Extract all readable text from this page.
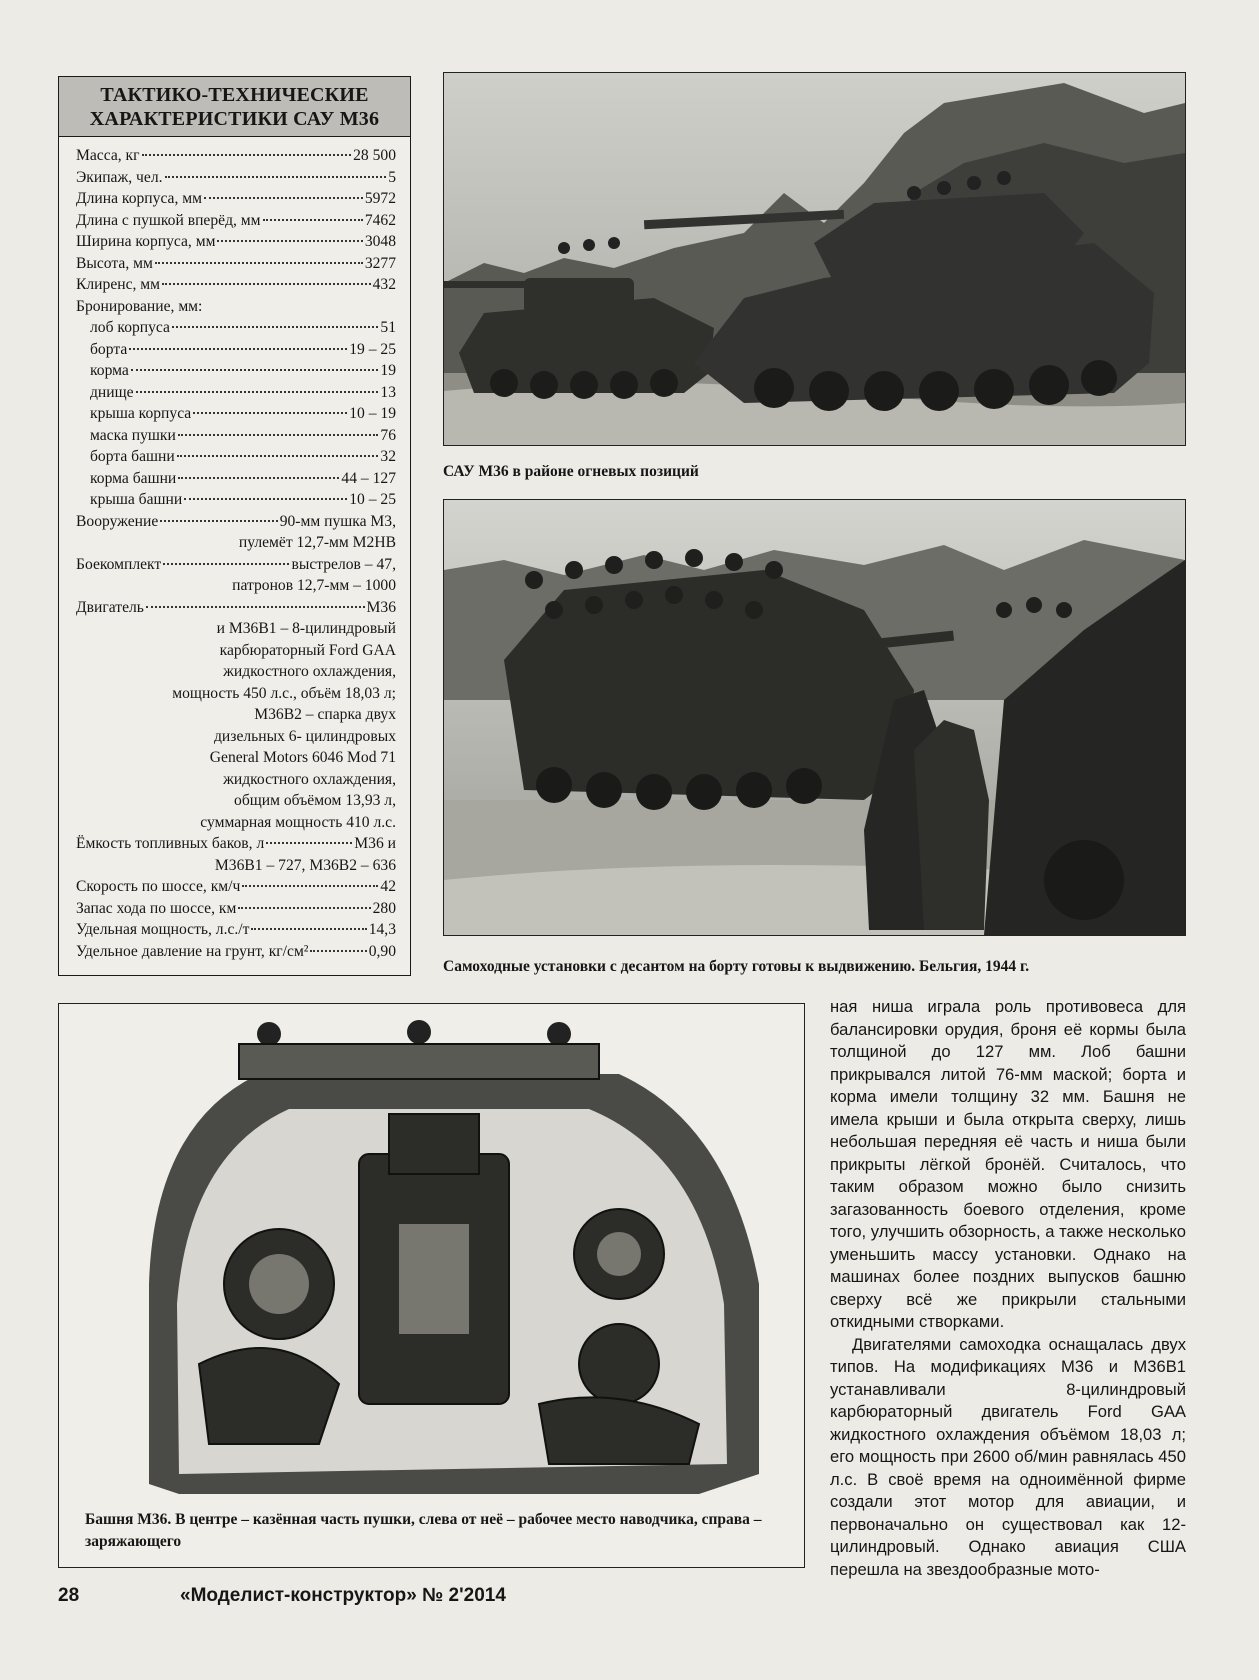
ТАКТИКО-ТЕХНИЧЕСКИЕ
ХАРАКТЕРИСТИКИ САУ М36
Масса, кг	28 500
Экипаж, чел.	5
Длина корпуса, мм	5972
Длина с пушкой вперёд, мм	7462
Ширина корпуса, мм	3048
Высота, мм	3277
Клиренс, мм	432
Бронирование, мм:
лоб корпуса	51
борта	19 – 25
корма	19
днище	13
крыша корпуса	10 – 19
маска пушки	76
борта башни	32
корма башни	44 – 127
крыша башни	10 – 25
Вооружение	90-мм пушка М3,
пулемёт 12,7-мм M2HB
Боекомплект	выстрелов – 47,
патронов 12,7-мм – 1000
Двигатель	M36
и M36B1 – 8-цилиндровый
карбюраторный Ford GAA
жидкостного охлаждения,
мощность 450 л.с., объём 18,03 л;
M36B2 – спарка двух
дизельных 6- цилиндровых
General Motors 6046 Mod 71
жидкостного охлаждения,
общим объёмом 13,93 л,
суммарная мощность 410 л.с.
Ёмкость топливных баков, л	M36 и
M36B1 – 727, M36B2 – 636
Скорость по шоссе, км/ч	42
Запас хода по шоссе, км	280
Удельная мощность, л.с./т	14,3
Удельное давление на грунт, кг/см²	0,90
САУ М36 в районе огневых позиций
Самоходные установки с десантом на борту готовы к выдвижению. Бельгия, 1944 г.
Башня М36. В центре – казённая часть пушки, слева от неё – рабочее место наводчика, справа – заряжающего

ная ниша играла роль противовеса для балансировки орудия, броня её кормы была толщиной до 127 мм. Лоб башни прикрывался литой 76-мм маской; борта и корма имели толщину 32 мм. Башня не имела крыши и была открыта сверху, лишь небольшая передняя её часть и ниша были прикрыты лёгкой бронёй. Считалось, что таким образом можно было снизить загазованность боевого отделения, кроме того, улучшить обзорность, а также несколько уменьшить массу установки. Однако на машинах более поздних выпусков башню сверху всё же прикрыли стальными откидными створками.

Двигателями самоходка оснащалась двух типов. На модификациях М36 и М36В1 устанавливали 8-цилиндровый карбюраторный двигатель Ford GAA жидкостного охлаждения объёмом 18,03 л; его мощность при 2600 об/мин равнялась 450 л.с. В своё время на одноимённой фирме создали этот мотор для авиации, и первоначально он существовал как 12-цилиндровый. Однако авиация США перешла на звездообразные мото-

28	«Моделист-конструктор» № 2'2014
